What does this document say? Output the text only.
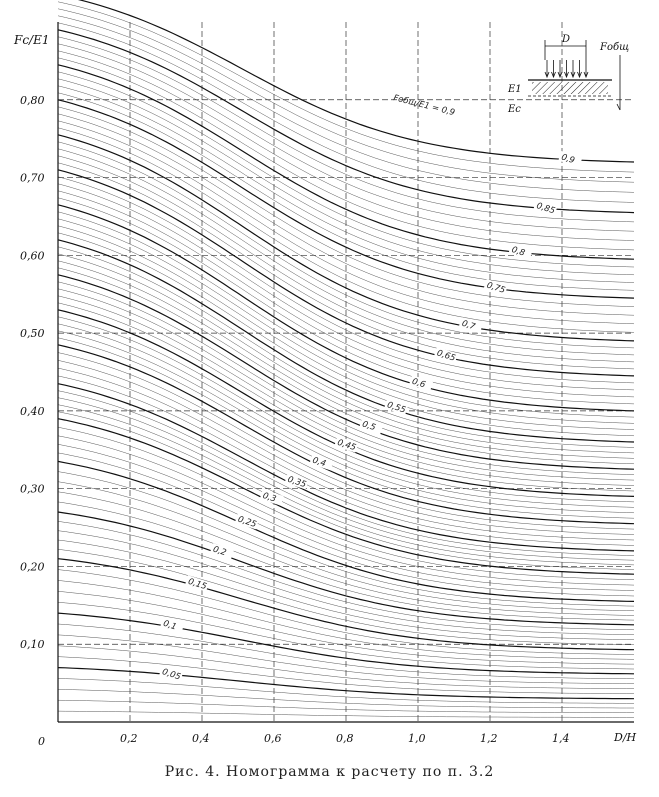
0,9
0,85
0,8
0,75
0,7
0,65
0,6
0,55
0,5
0,45
0,4
0,35
0,3
0,25
0,2
0,15
0,1
0,05
0,2	0,4	0,6	0,8	1,0	1,2	1,4
0,10
0,20
0,30
0,40
0,50
0,60
0,70
0,80
Fc/E1
0	D/H
Fобщ/E1 = 0,9
D
E1
Ec
Fобщ
Рис. 4. Номограмма к расчету по п. 3.2
